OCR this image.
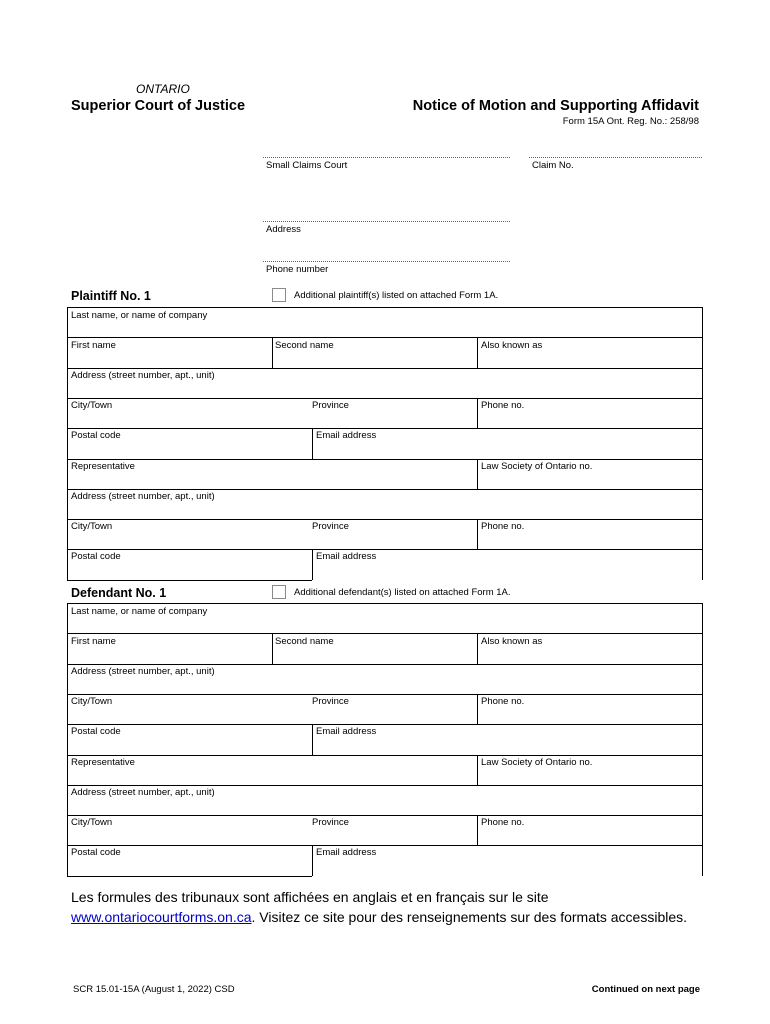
ONTARIO
Superior Court of Justice	Notice of Motion and Supporting Affidavit
Form 15A Ont. Reg. No.: 258/98
Small Claims Court	Claim No.
Address
Phone number
Plaintiff No. 1	Additional plaintiff(s) listed on attached Form 1A.
Last name, or name of company
First name	Second name	Also known as
Address (street number, apt., unit)
City/Town	Province	Phone no.
Postal code	Email address
Representative	Law Society of Ontario no.
Address (street number, apt., unit)
City/Town	Province	Phone no.
Postal code	Email address
Defendant No. 1	Additional defendant(s) listed on attached Form 1A.
Last name, or name of company
First name	Second name	Also known as
Address (street number, apt., unit)
City/Town	Province	Phone no.
Postal code	Email address
Representative	Law Society of Ontario no.
Address (street number, apt., unit)
City/Town	Province	Phone no.
Postal code	Email address
Les formules des tribunaux sont affichées en anglais et en français sur le site
www.ontariocourtforms.on.ca. Visitez ce site pour des renseignements sur des formats accessibles.
SCR 15.01-15A (August 1, 2022) CSD	Continued on next page
